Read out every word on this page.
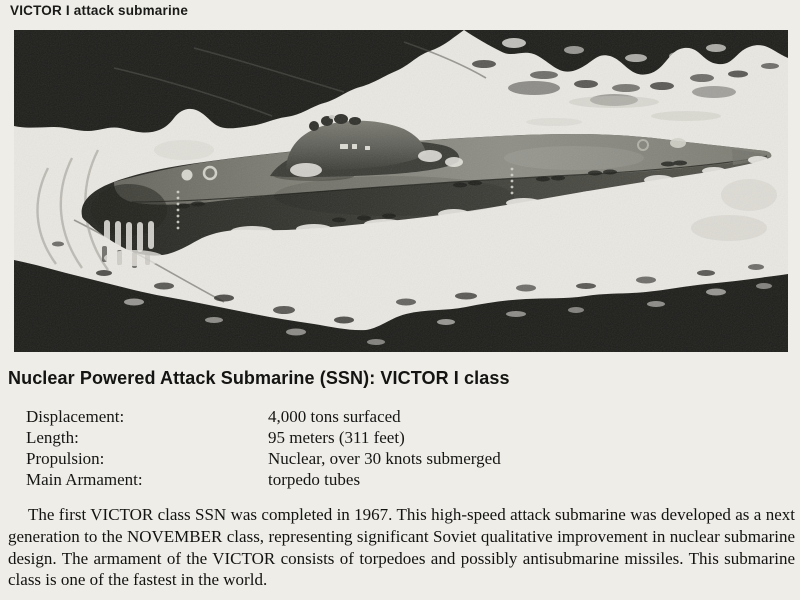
VICTOR I attack submarine
Nuclear Powered Attack Submarine (SSN): VICTOR I class
Displacement:	4,000 tons surfaced
Length:	95 meters (311 feet)
Propulsion:	Nuclear, over 30 knots submerged
Main Armament:	torpedo tubes
The first VICTOR class SSN was completed in 1967. This high-speed attack submarine was developed as a next generation to the NOVEMBER class, representing significant Soviet qualitative improvement in nuclear submarine design. The armament of the VICTOR consists of torpedoes and possibly antisubmarine missiles. This submarine class is one of the fastest in the world.
